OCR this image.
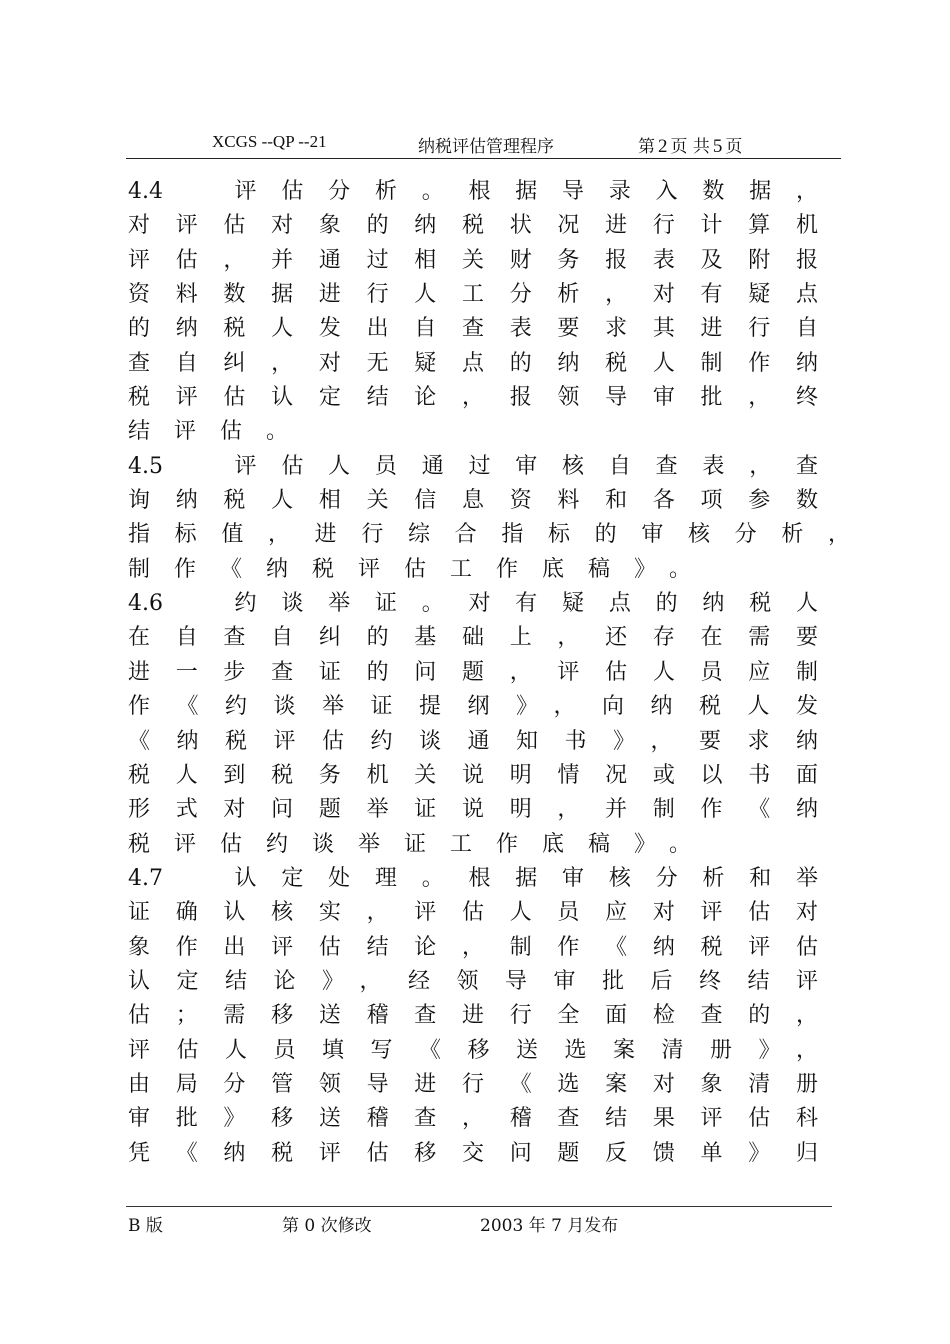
XCGS --QP --21	纳税评估管理程序	第 2 页 共 5 页
4.4　评估分析。根据导录入数据，
对评估对象的纳税状况进行计算机
评估，并通过相关财务报表及附报
资料数据进行人工分析，对有疑点
的纳税人发出自查表要求其进行自
查自纠，对无疑点的纳税人制作纳
税评估认定结论，报领导审批，终
结评估。
4.5　评估人员通过审核自查表，查
询纳税人相关信息资料和各项参数
指标值，进行综合指标的审核分析，
制作《纳税评估工作底稿》。
4.6　约谈举证。对有疑点的纳税人
在自查自纠的基础上，还存在需要
进一步查证的问题，评估人员应制
作《约谈举证提纲》，向纳税人发
《纳税评估约谈通知书》，要求纳
税人到税务机关说明情况或以书面
形式对问题举证说明，并制作《纳
税评估约谈举证工作底稿》。
4.7　认定处理。根据审核分析和举
证确认核实，评估人员应对评估对
象作出评估结论，制作《纳税评估
认定结论》，经领导审批后终结评
估；需移送稽查进行全面检查的，
评估人员填写《移送选案清册》，
由局分管领导进行《选案对象清册
审批》移送稽查，稽查结果评估科
凭《纳税评估移交问题反馈单》归
B 版	第 0 次修改	2003 年 7 月发布
